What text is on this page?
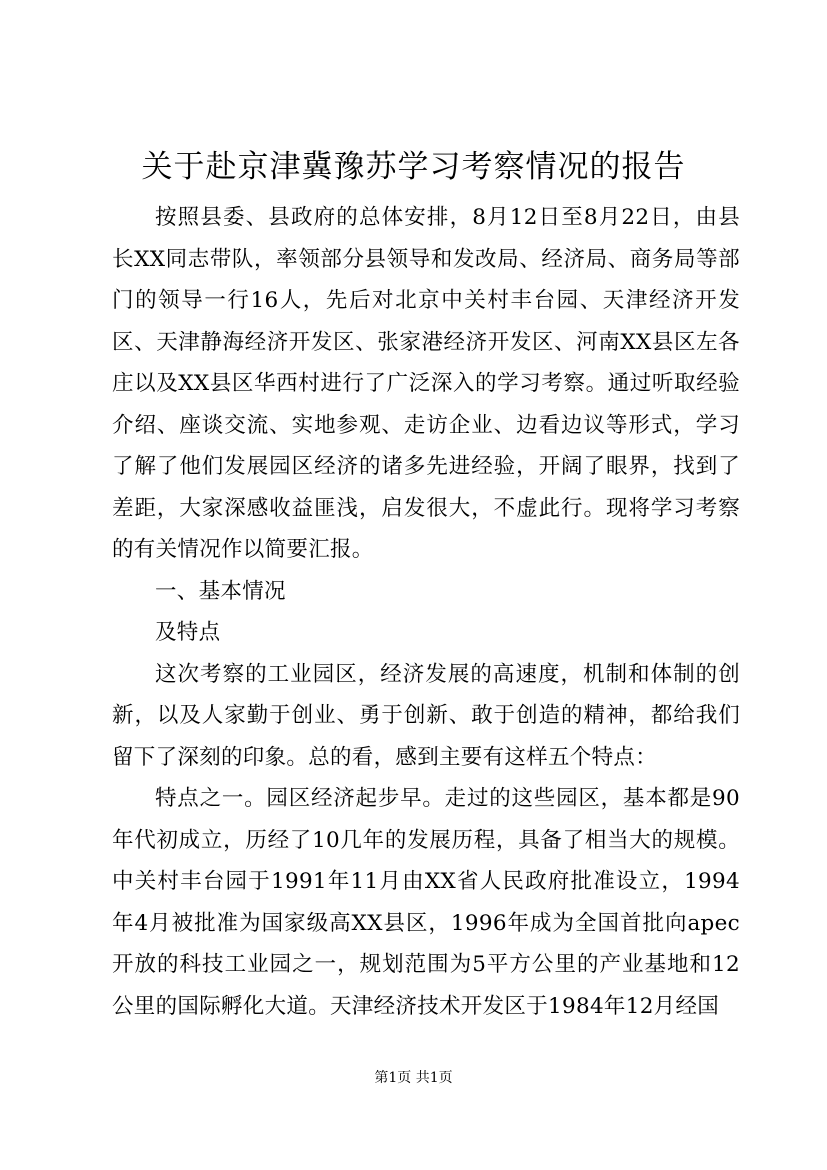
关于赴京津冀豫苏学习考察情况的报告

按照县委、县政府的总体安排，8月12日至8月22日，由县长XX同志带队，率领部分县领导和发改局、经济局、商务局等部门的领导一行16人，先后对北京中关村丰台园、天津经济开发区、天津静海经济开发区、张家港经济开发区、河南XX县区左各庄以及XX县区华西村进行了广泛深入的学习考察。通过听取经验介绍、座谈交流、实地参观、走访企业、边看边议等形式，学习了解了他们发展园区经济的诸多先进经验，开阔了眼界，找到了差距，大家深感收益匪浅，启发很大，不虚此行。现将学习考察的有关情况作以简要汇报。

一、基本情况

及特点

这次考察的工业园区，经济发展的高速度，机制和体制的创新，以及人家勤于创业、勇于创新、敢于创造的精神，都给我们留下了深刻的印象。总的看，感到主要有这样五个特点：

特点之一。园区经济起步早。走过的这些园区，基本都是90年代初成立，历经了10几年的发展历程，具备了相当大的规模。中关村丰台园于1991年11月由XX省人民政府批准设立，1994年4月被批准为国家级高XX县区，1996年成为全国首批向apec开放的科技工业园之一，规划范围为5平方公里的产业基地和12公里的国际孵化大道。天津经济技术开发区于1984年12月经国

第1页 共1页
